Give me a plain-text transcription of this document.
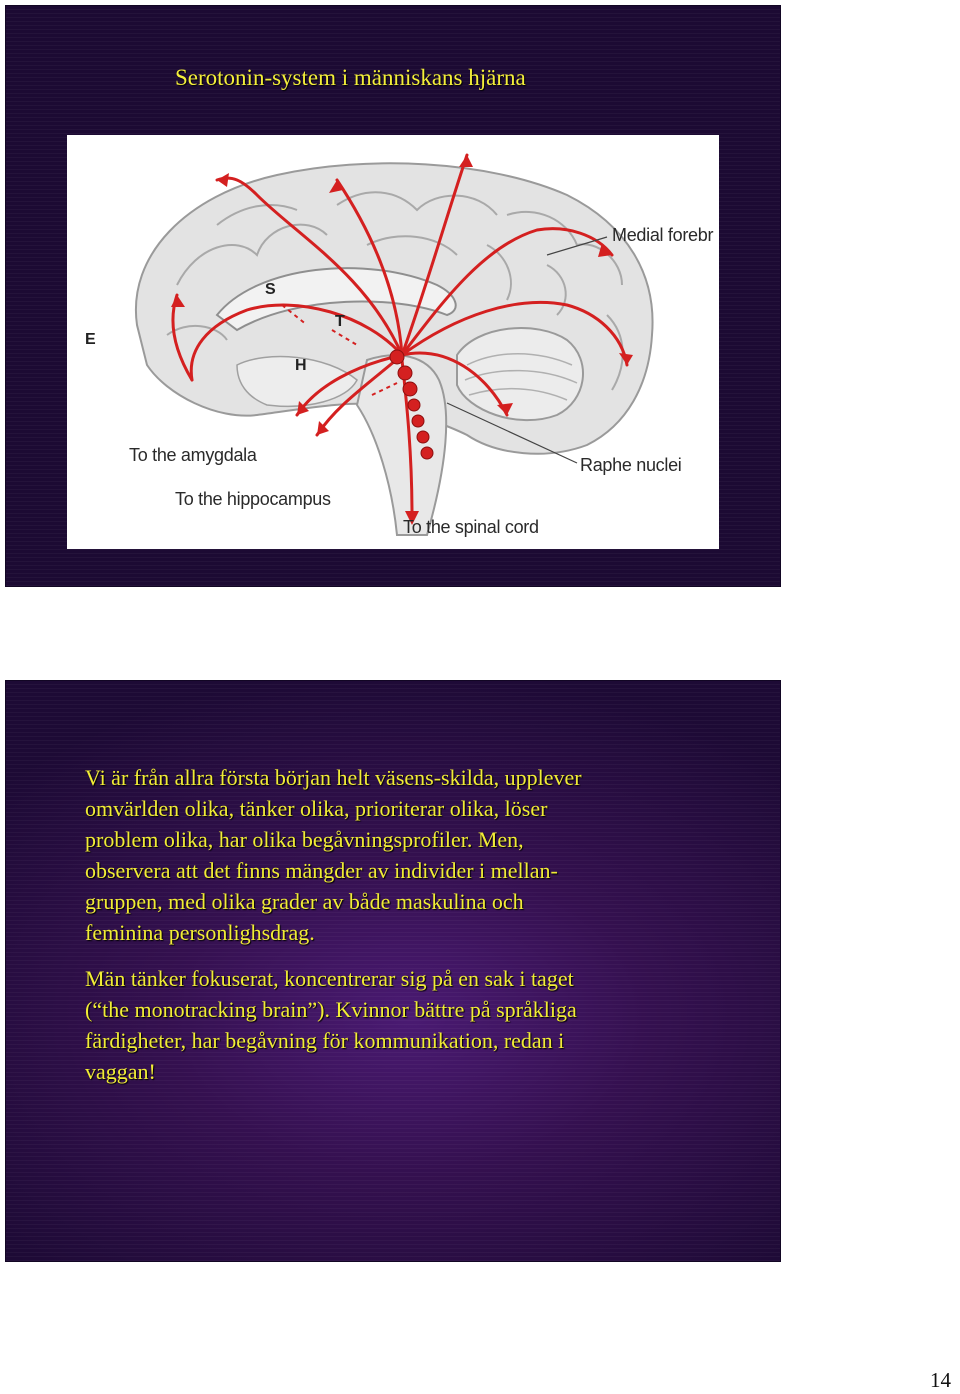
Serotonin-system i människans hjärna
E
Medial forebr
To the amygdala
To the hippocampus
To the spinal cord
Raphe nuclei
S
T
H
Vi är från allra första början helt väsens-skilda, upplever
omvärlden olika, tänker olika, prioriterar olika, löser
problem olika, har olika begåvningsprofiler. Men,
observera att det finns mängder av individer i mellan-
gruppen, med olika grader av både maskulina och
feminina personlighsdrag.
Män tänker fokuserat, koncentrerar sig på en sak i taget
(“the monotracking brain”). Kvinnor bättre på språkliga
färdigheter, har begåvning för kommunikation, redan i
vaggan!
14
